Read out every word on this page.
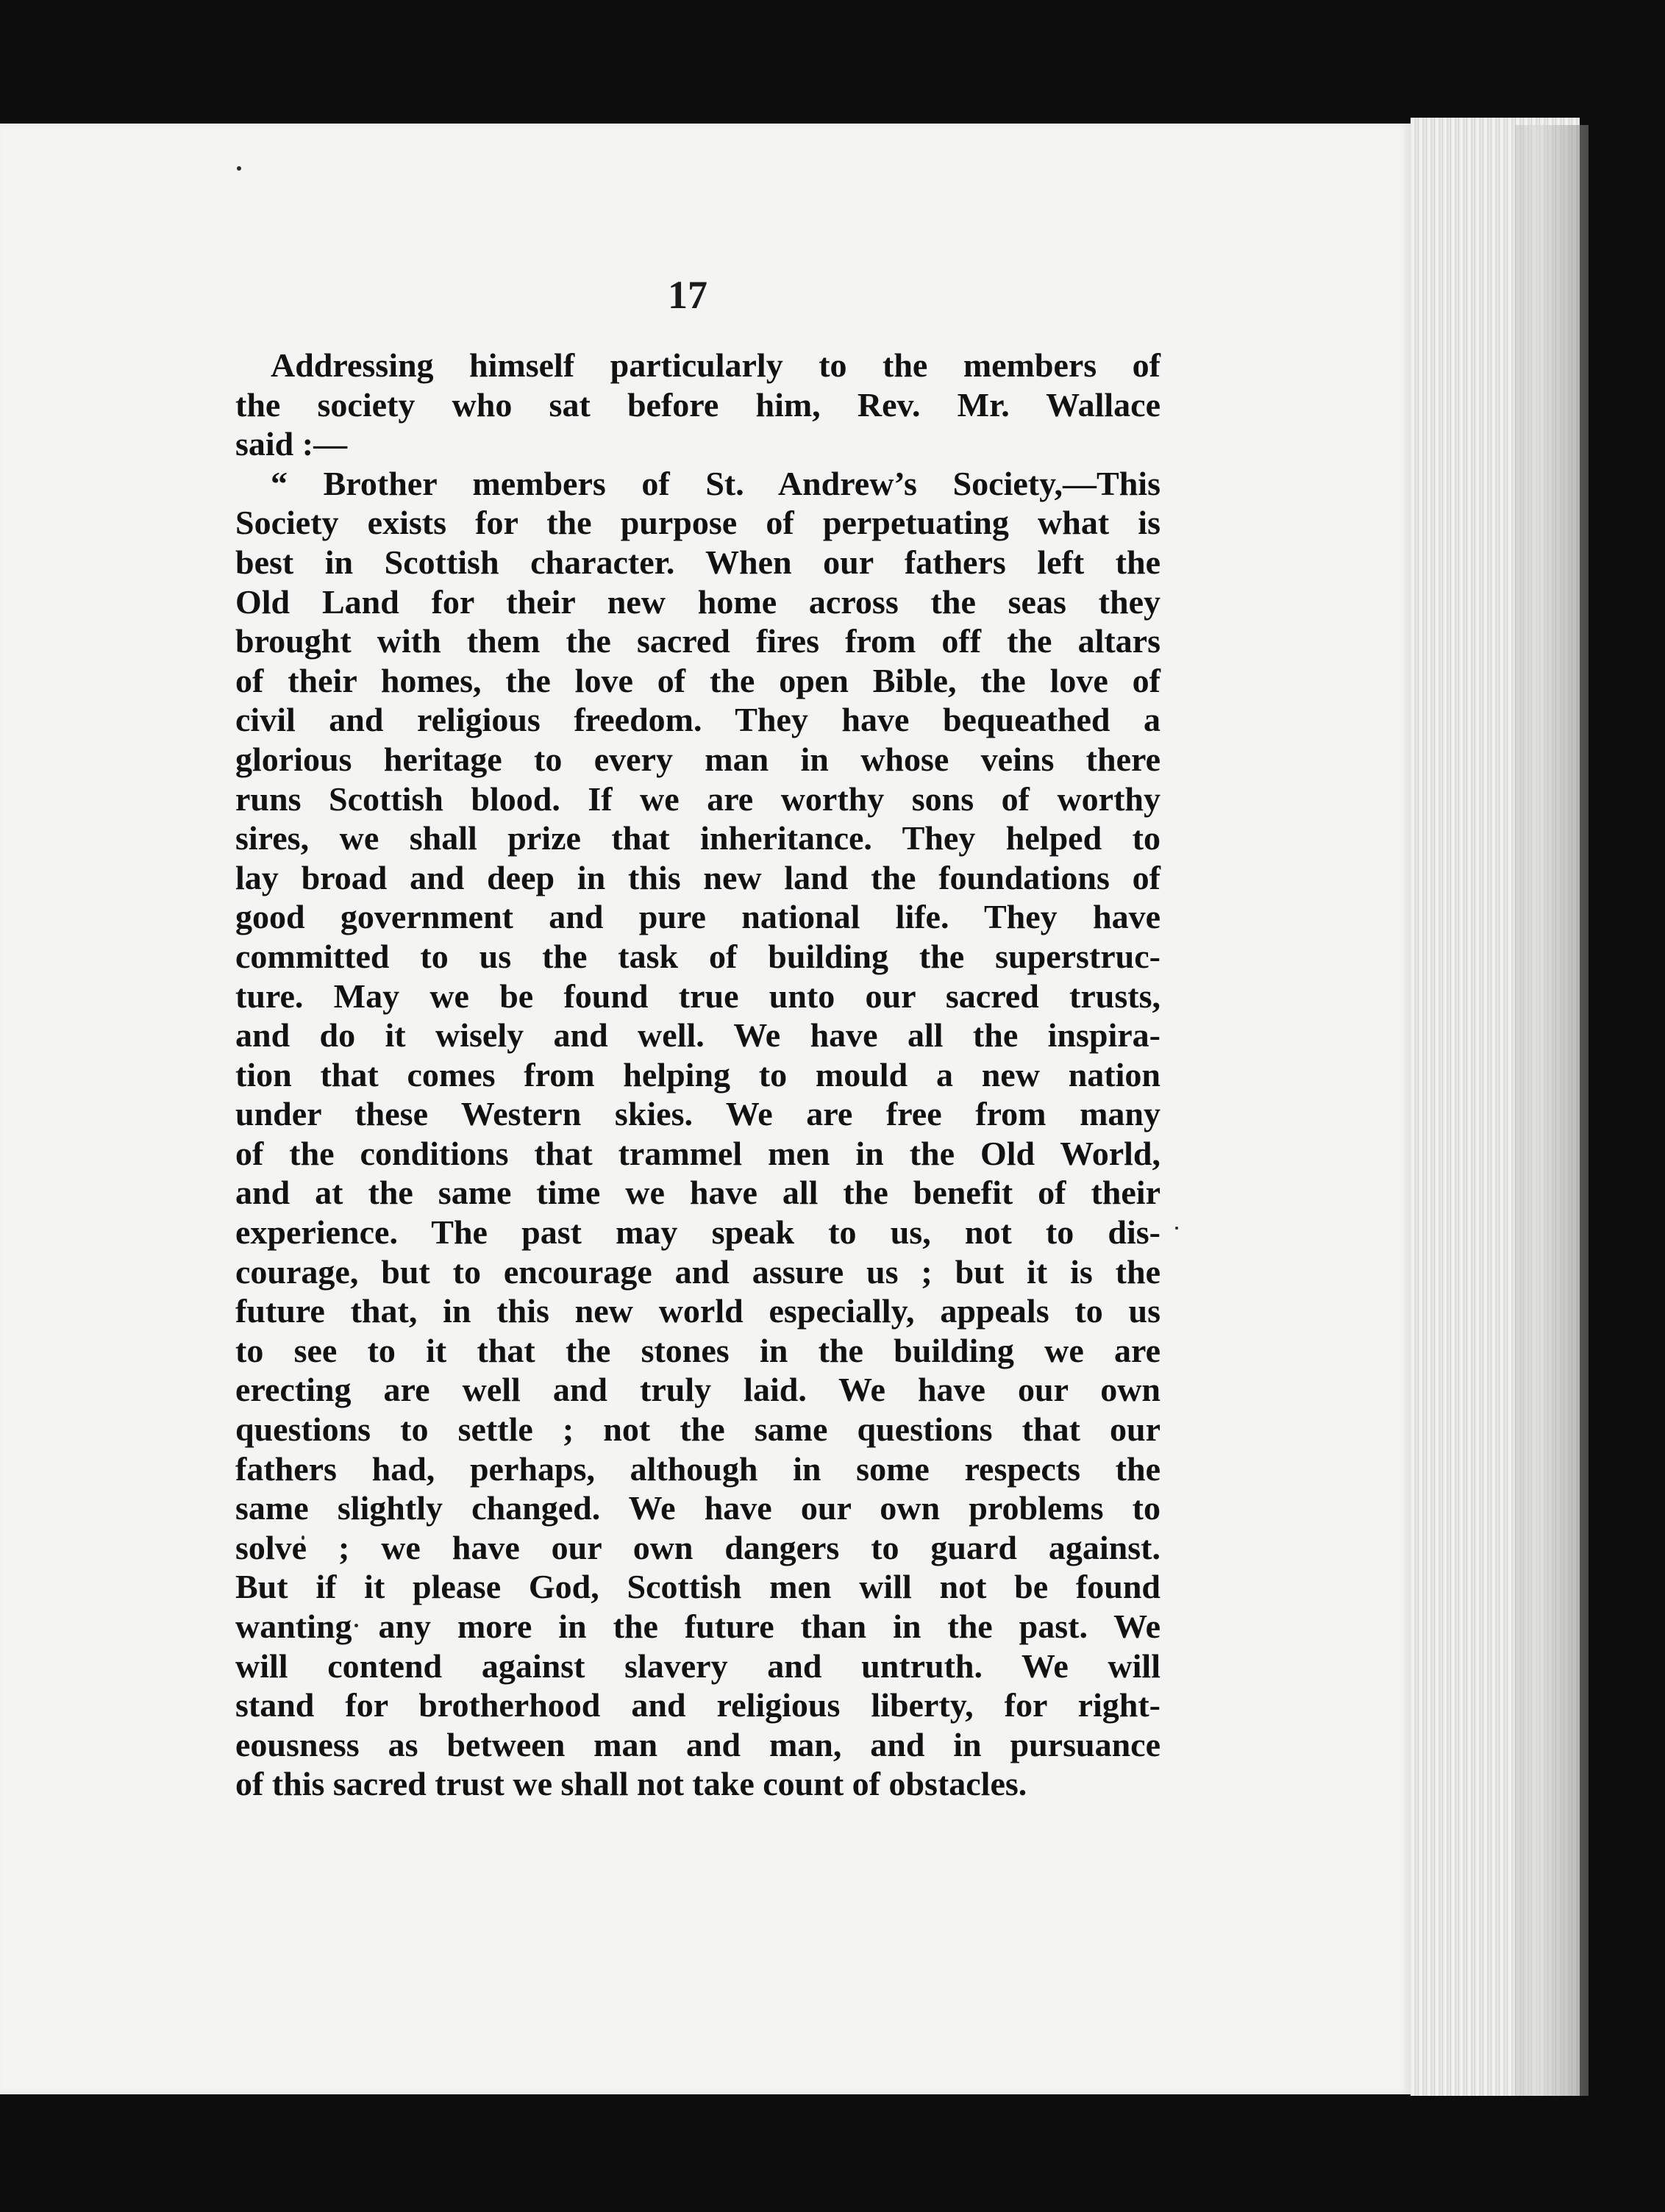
17
Addressing himself particularly to the members of
the society who sat before him, Rev. Mr. Wallace
said :—
“ Brother members of St. Andrew’s Society,—This
Society exists for the purpose of perpetuating what is
best in Scottish character. When our fathers left the
Old Land for their new home across the seas they
brought with them the sacred fires from off the altars
of their homes, the love of the open Bible, the love of
civil and religious freedom. They have bequeathed a
glorious heritage to every man in whose veins there
runs Scottish blood. If we are worthy sons of worthy
sires, we shall prize that inheritance. They helped to
lay broad and deep in this new land the foundations of
good government and pure national life. They have
committed to us the task of building the superstruc-
ture. May we be found true unto our sacred trusts,
and do it wisely and well. We have all the inspira-
tion that comes from helping to mould a new nation
under these Western skies. We are free from many
of the conditions that trammel men in the Old World,
and at the same time we have all the benefit of their
experience. The past may speak to us, not to dis-
courage, but to encourage and assure us ; but it is the
future that, in this new world especially, appeals to us
to see to it that the stones in the building we are
erecting are well and truly laid. We have our own
questions to settle ; not the same questions that our
fathers had, perhaps, although in some respects the
same slightly changed. We have our own problems to
solve ; we have our own dangers to guard against.
But if it please God, Scottish men will not be found
wanting any more in the future than in the past. We
will contend against slavery and untruth. We will
stand for brotherhood and religious liberty, for right-
eousness as between man and man, and in pursuance
of this sacred trust we shall not take count of obstacles.
